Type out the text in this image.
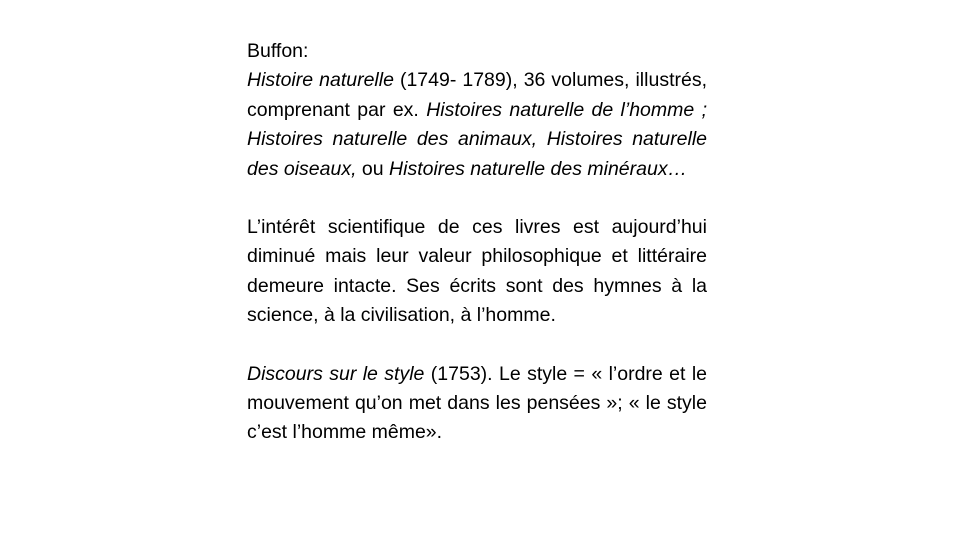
Buffon:
Histoire naturelle (1749- 1789), 36 volumes, illustrés, comprenant par ex. Histoires naturelle de l’homme ; Histoires naturelle des animaux, Histoires naturelle des oiseaux, ou Histoires naturelle des minéraux…

L’intérêt scientifique de ces livres est aujourd’hui diminué mais leur valeur philosophique et littéraire demeure intacte. Ses écrits sont des hymnes à la science, à la civilisation, à l’homme.

Discours sur le style (1753). Le style = « l’ordre et le mouvement qu’on met dans les pensées »; « le style c’est l’homme même».
